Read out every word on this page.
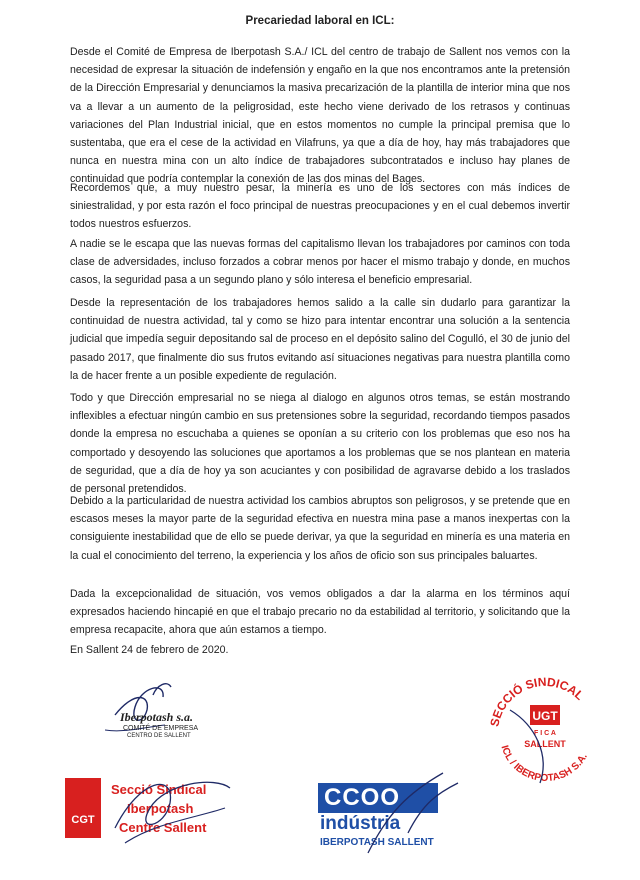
Precariedad laboral en ICL:

Desde el Comité de Empresa de Iberpotash S.A./ ICL del centro de trabajo de Sallent nos vemos con la necesidad de expresar la situación de indefensión y engaño en la que nos encontramos ante la pretensión de la Dirección Empresarial y denunciamos la masiva precarización de la plantilla de interior mina que nos va a llevar a un aumento de la peligrosidad, este hecho viene derivado de los retrasos y continuas variaciones del Plan Industrial inicial, que en estos momentos no cumple la principal premisa que lo sustentaba, que era el cese de la actividad en Vilafruns, ya que a día de hoy, hay más trabajadores que nunca en nuestra mina con un alto índice de trabajadores subcontratados e incluso hay planes de continuidad que podría contemplar la conexión de las dos minas del Bages.

Recordemos que, a muy nuestro pesar, la minería es uno de los sectores con más índices de siniestralidad, y por esta razón el foco principal de nuestras preocupaciones y en el cual debemos invertir todos nuestros esfuerzos.

A nadie se le escapa que las nuevas formas del capitalismo llevan los trabajadores por caminos con toda clase de adversidades, incluso forzados a cobrar menos por hacer el mismo trabajo y donde, en muchos casos, la seguridad pasa a un segundo plano y sólo interesa el beneficio empresarial.

Desde la representación de los trabajadores hemos salido a la calle sin dudarlo para garantizar la continuidad de nuestra actividad, tal y como se hizo para intentar encontrar una solución a la sentencia judicial que impedía seguir depositando sal de proceso en el depósito salino del Cogulló, el 30 de junio del pasado 2017, que finalmente dio sus frutos evitando así situaciones negativas para nuestra plantilla como la de hacer frente a un posible expediente de regulación.

Todo y que Dirección empresarial no se niega al dialogo en algunos otros temas, se están mostrando inflexibles a efectuar ningún cambio en sus pretensiones sobre la seguridad, recordando tiempos pasados donde la empresa no escuchaba a quienes se oponían a su criterio con los problemas que eso nos ha comportado y desoyendo las soluciones que aportamos a los problemas que se nos plantean en materia de seguridad, que a día de hoy ya son acuciantes y con posibilidad de agravarse debido a los traslados de personal pretendidos.

Debido a la particularidad de nuestra actividad los cambios abruptos son peligrosos, y se pretende que en escasos meses la mayor parte de la seguridad efectiva en nuestra mina pase a manos inexpertas con la consiguiente inestabilidad que de ello se puede derivar, ya que la seguridad en minería es una materia en la cual el conocimiento del terreno, la experiencia y los años de oficio son sus principales baluartes.

Dada la excepcionalidad de situación, vos vemos obligados a dar la alarma en los términos aquí expresados haciendo hincapié en que el trabajo precario no da estabilidad al territorio, y solicitando que la empresa recapacite, ahora que aún estamos a tiempo.

En Sallent 24 de febrero de 2020.

Iberpotash s.a.
COMITÉ DE EMPRESA
CENTRO DE SALLENT
SECCIÓ SINDICAL
ICL / IBERPOTASH S.A.
UGT
F I C A
SALLENT
CGT
Secció Sindical
Iberpotash
Centre Sallent
CCOO
indústria
IBERPOTASH SALLENT
